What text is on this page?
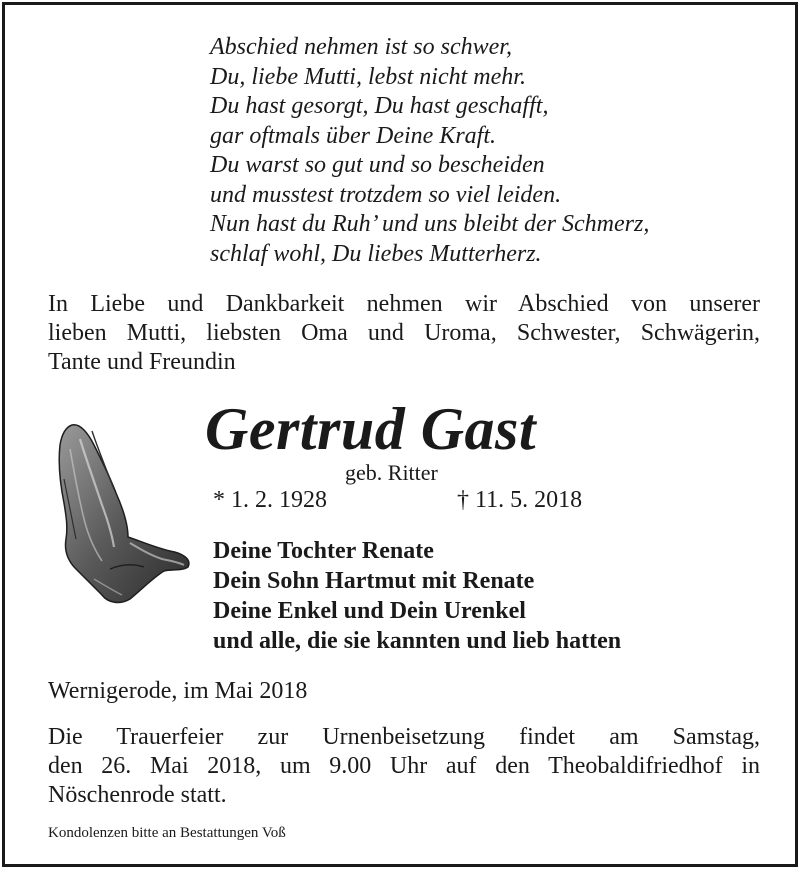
Abschied nehmen ist so schwer,
Du, liebe Mutti, lebst nicht mehr.
Du hast gesorgt, Du hast geschafft,
gar oftmals über Deine Kraft.
Du warst so gut und so bescheiden
und musstest trotzdem so viel leiden.
Nun hast du Ruh’ und uns bleibt der Schmerz,
schlaf wohl, Du liebes Mutterherz.
In Liebe und Dankbarkeit nehmen wir Abschied von unserer
lieben Mutti, liebsten Oma und Uroma, Schwester, Schwägerin,
Tante und Freundin
Gertrud Gast
geb. Ritter
* 1. 2. 1928	† 11. 5. 2018
Deine Tochter Renate
Dein Sohn Hartmut mit Renate
Deine Enkel und Dein Urenkel
und alle, die sie kannten und lieb hatten
Wernigerode, im Mai 2018
Die Trauerfeier zur Urnenbeisetzung findet am Samstag,
den 26. Mai 2018, um 9.00 Uhr auf den Theobaldifriedhof in
Nöschenrode statt.
Kondolenzen bitte an Bestattungen Voß
